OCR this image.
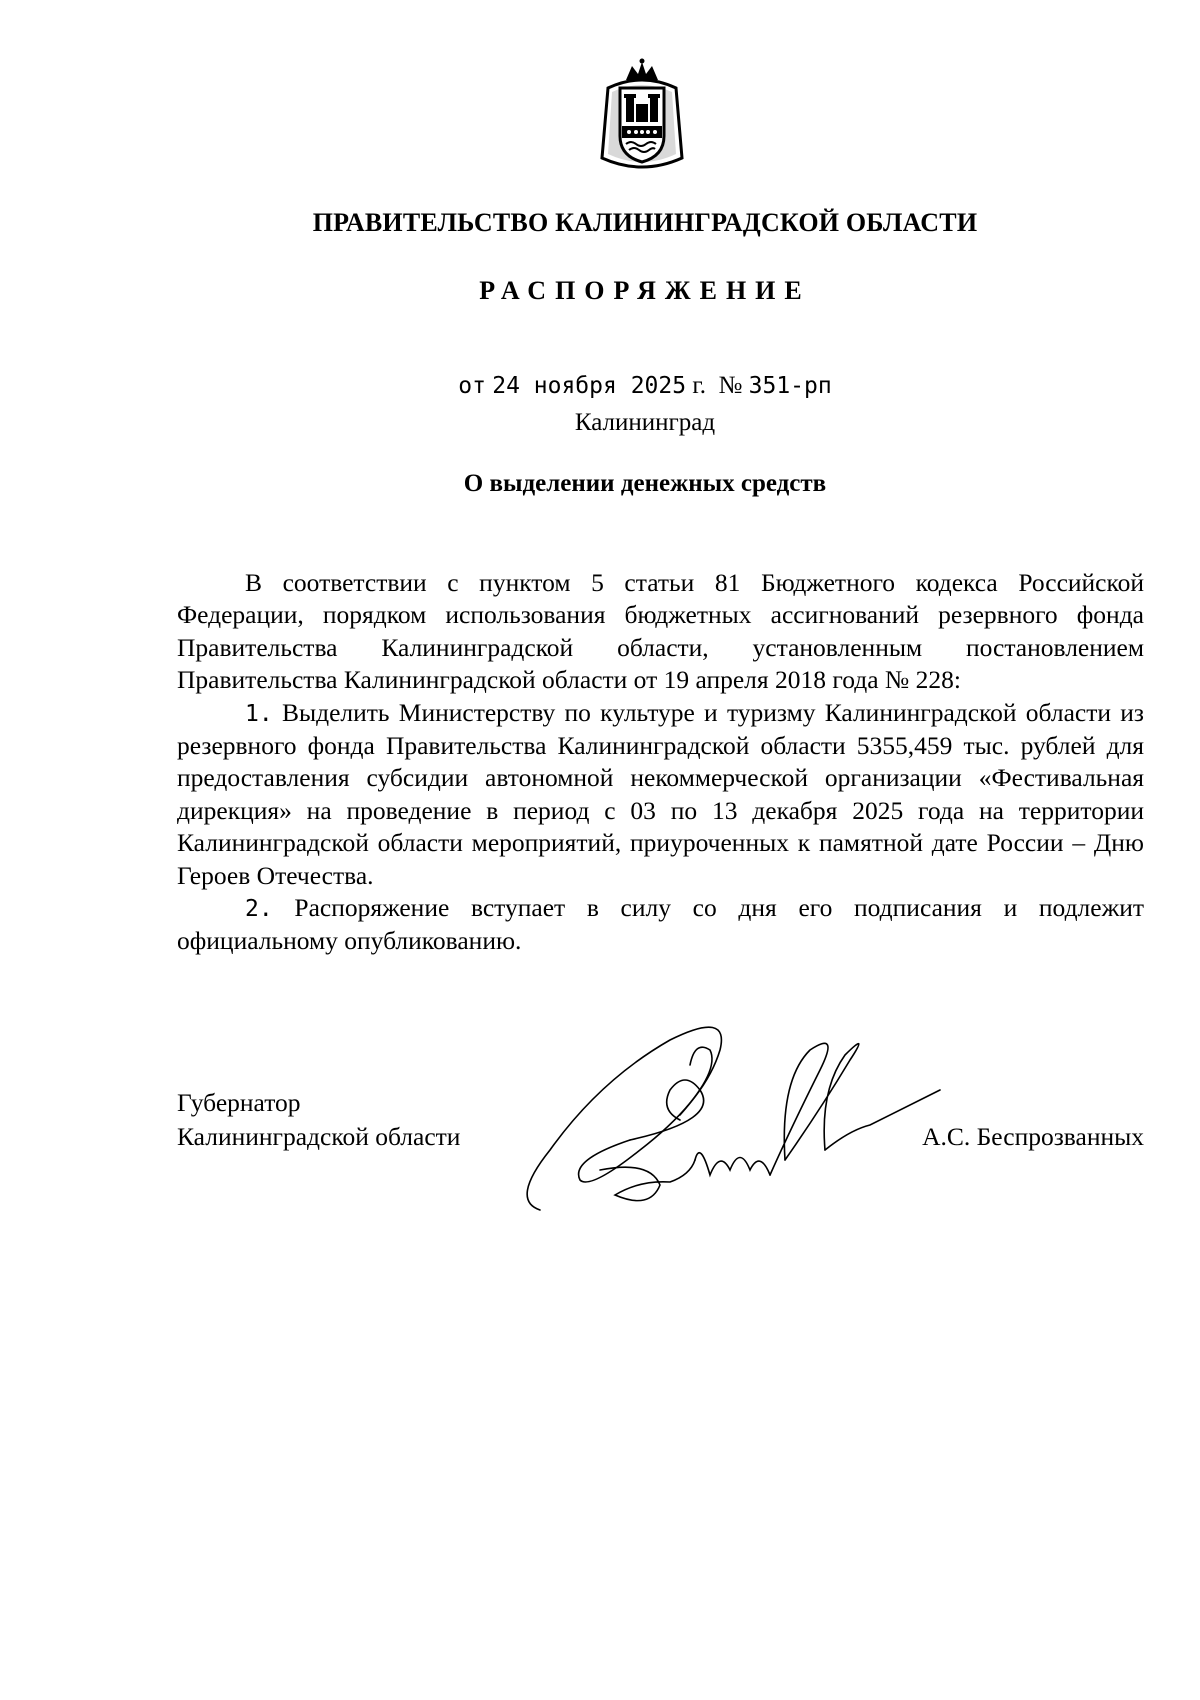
ПРАВИТЕЛЬСТВО КАЛИНИНГРАДСКОЙ ОБЛАСТИ
РАСПОРЯЖЕНИЕ
от 24 ноября 2025 г. № 351-рп
Калининград
О выделении денежных средств

В соответствии с пунктом 5 статьи 81 Бюджетного кодекса Российской Федерации, порядком использования бюджетных ассигнований резервного фонда Правительства Калининградской области, установленным постановлением Правительства Калининградской области от 19 апреля 2018 года № 228:

1. Выделить Министерству по культуре и туризму Калининградской области из резервного фонда Правительства Калининградской области 5355,459 тыс. рублей для предоставления субсидии автономной некоммерческой организации «Фестивальная дирекция» на проведение в период с 03 по 13 декабря 2025 года на территории Калининградской области мероприятий, приуроченных к памятной дате России – Дню Героев Отечества.

2. Распоряжение вступает в силу со дня его подписания и подлежит официальному опубликованию.

Губернатор
Калининградской области	А.С. Беспрозванных
